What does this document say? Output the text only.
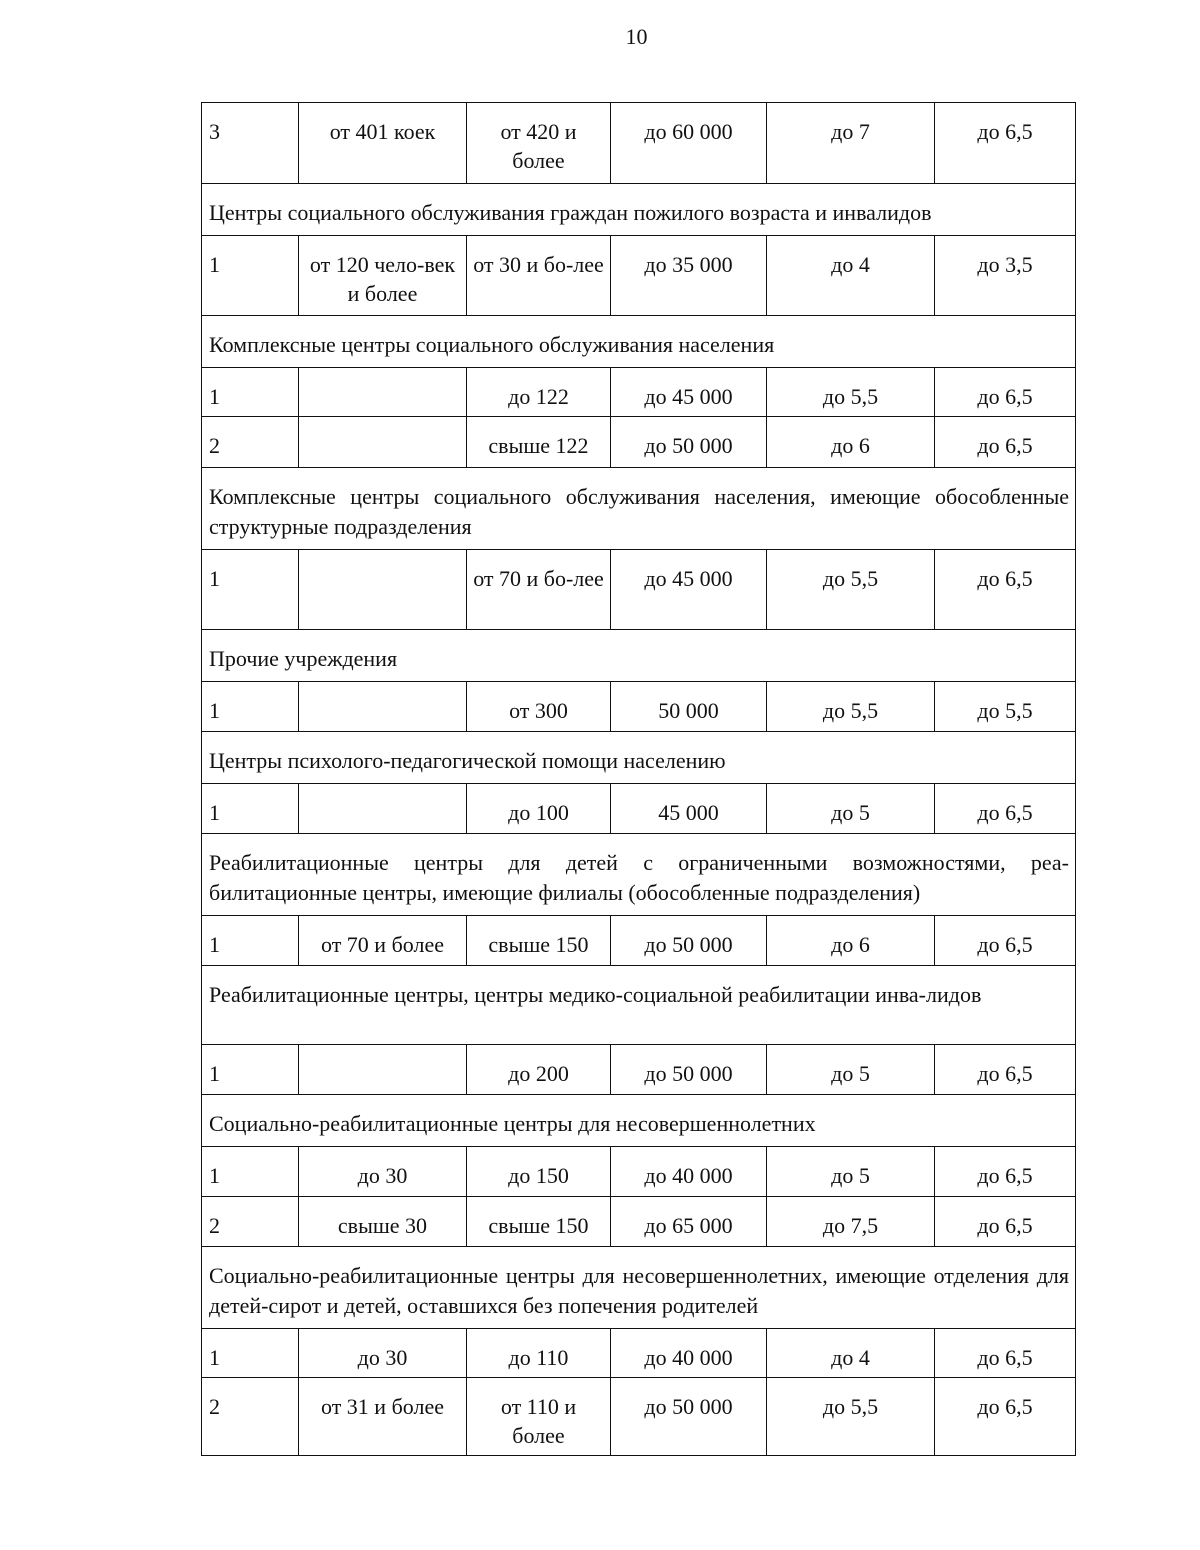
10
3	от 401 коек	от 420 и более	до 60 000	до 7	до 6,5
Центры социального обслуживания граждан пожилого возраста и инвалидов					
1	от 120 чело-век и более	от 30 и бо-лее	до 35 000	до 4	до 3,5
Комплексные центры социального обслуживания населения					
1		до 122	до 45 000	до 5,5	до 6,5
2		свыше 122	до 50 000	до 6	до 6,5
Комплексные центры социального обслуживания населения, имеющие обособленные структурные подразделения					
1		от 70 и бо-лее	до 45 000	до 5,5	до 6,5
Прочие учреждения					
1		от 300	50 000	до 5,5	до 5,5
Центры психолого-педагогической помощи населению					
1		до 100	45 000	до 5	до 6,5
Реабилитационные центры для детей с ограниченными возможностями, реа-билитационные центры, имеющие филиалы (обособленные подразделения)					
1	от 70 и более	свыше 150	до 50 000	до 6	до 6,5
Реабилитационные центры, центры медико-социальной реабилитации инва-лидов					
1		до 200	до 50 000	до 5	до 6,5
Социально-реабилитационные центры для несовершеннолетних					
1	до 30	до 150	до 40 000	до 5	до 6,5
2	свыше 30	свыше 150	до 65 000	до 7,5	до 6,5
Социально-реабилитационные центры для несовершеннолетних, имеющие отделения для детей-сирот и детей, оставшихся без попечения родителей					
1	до 30	до 110	до 40 000	до 4	до 6,5
2	от 31 и более	от 110 и более	до 50 000	до 5,5	до 6,5
